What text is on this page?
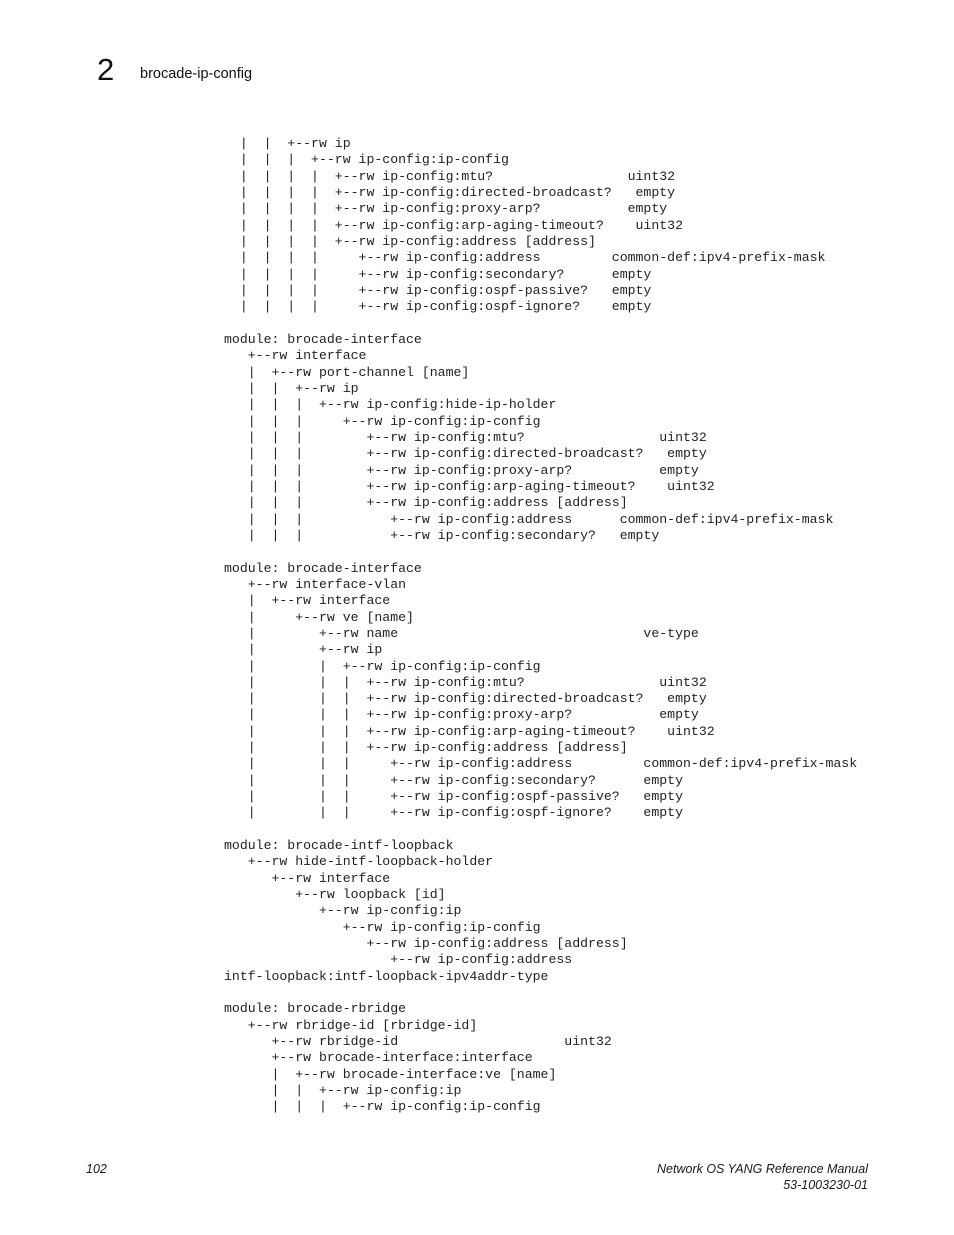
2 brocade-ip-config
|  |  +--rw ip
|  |  |  +--rw ip-config:ip-config
|  |  |  |  +--rw ip-config:mtu?                 uint32
|  |  |  |  +--rw ip-config:directed-broadcast?   empty
|  |  |  |  +--rw ip-config:proxy-arp?           empty
|  |  |  |  +--rw ip-config:arp-aging-timeout?    uint32
|  |  |  |  +--rw ip-config:address [address]
|  |  |  |     +--rw ip-config:address         common-def:ipv4-prefix-mask
|  |  |  |     +--rw ip-config:secondary?      empty
|  |  |  |     +--rw ip-config:ospf-passive?   empty
|  |  |  |     +--rw ip-config:ospf-ignore?    empty
module: brocade-interface
+--rw interface
|  +--rw port-channel [name]
|  |  +--rw ip
|  |  |  +--rw ip-config:hide-ip-holder
|  |  |     +--rw ip-config:ip-config
|  |  |        +--rw ip-config:mtu?                 uint32
|  |  |        +--rw ip-config:directed-broadcast?   empty
|  |  |        +--rw ip-config:proxy-arp?           empty
|  |  |        +--rw ip-config:arp-aging-timeout?    uint32
|  |  |        +--rw ip-config:address [address]
|  |  |           +--rw ip-config:address      common-def:ipv4-prefix-mask
|  |  |           +--rw ip-config:secondary?   empty
module: brocade-interface
+--rw interface-vlan
|  +--rw interface
|     +--rw ve [name]
|        +--rw name                               ve-type
|        +--rw ip
|        |  +--rw ip-config:ip-config
|        |  |  +--rw ip-config:mtu?                 uint32
|        |  |  +--rw ip-config:directed-broadcast?   empty
|        |  |  +--rw ip-config:proxy-arp?           empty
|        |  |  +--rw ip-config:arp-aging-timeout?    uint32
|        |  |  +--rw ip-config:address [address]
|        |  |     +--rw ip-config:address         common-def:ipv4-prefix-mask
|        |  |     +--rw ip-config:secondary?      empty
|        |  |     +--rw ip-config:ospf-passive?   empty
|        |  |     +--rw ip-config:ospf-ignore?    empty
module: brocade-intf-loopback
+--rw hide-intf-loopback-holder
+--rw interface
+--rw loopback [id]
+--rw ip-config:ip
+--rw ip-config:ip-config
+--rw ip-config:address [address]
+--rw ip-config:address
intf-loopback:intf-loopback-ipv4addr-type
module: brocade-rbridge
+--rw rbridge-id [rbridge-id]
+--rw rbridge-id                     uint32
+--rw brocade-interface:interface
|  +--rw brocade-interface:ve [name]
|  |  +--rw ip-config:ip
|  |  |  +--rw ip-config:ip-config
102	Network OS YANG Reference Manual
53-1003230-01
